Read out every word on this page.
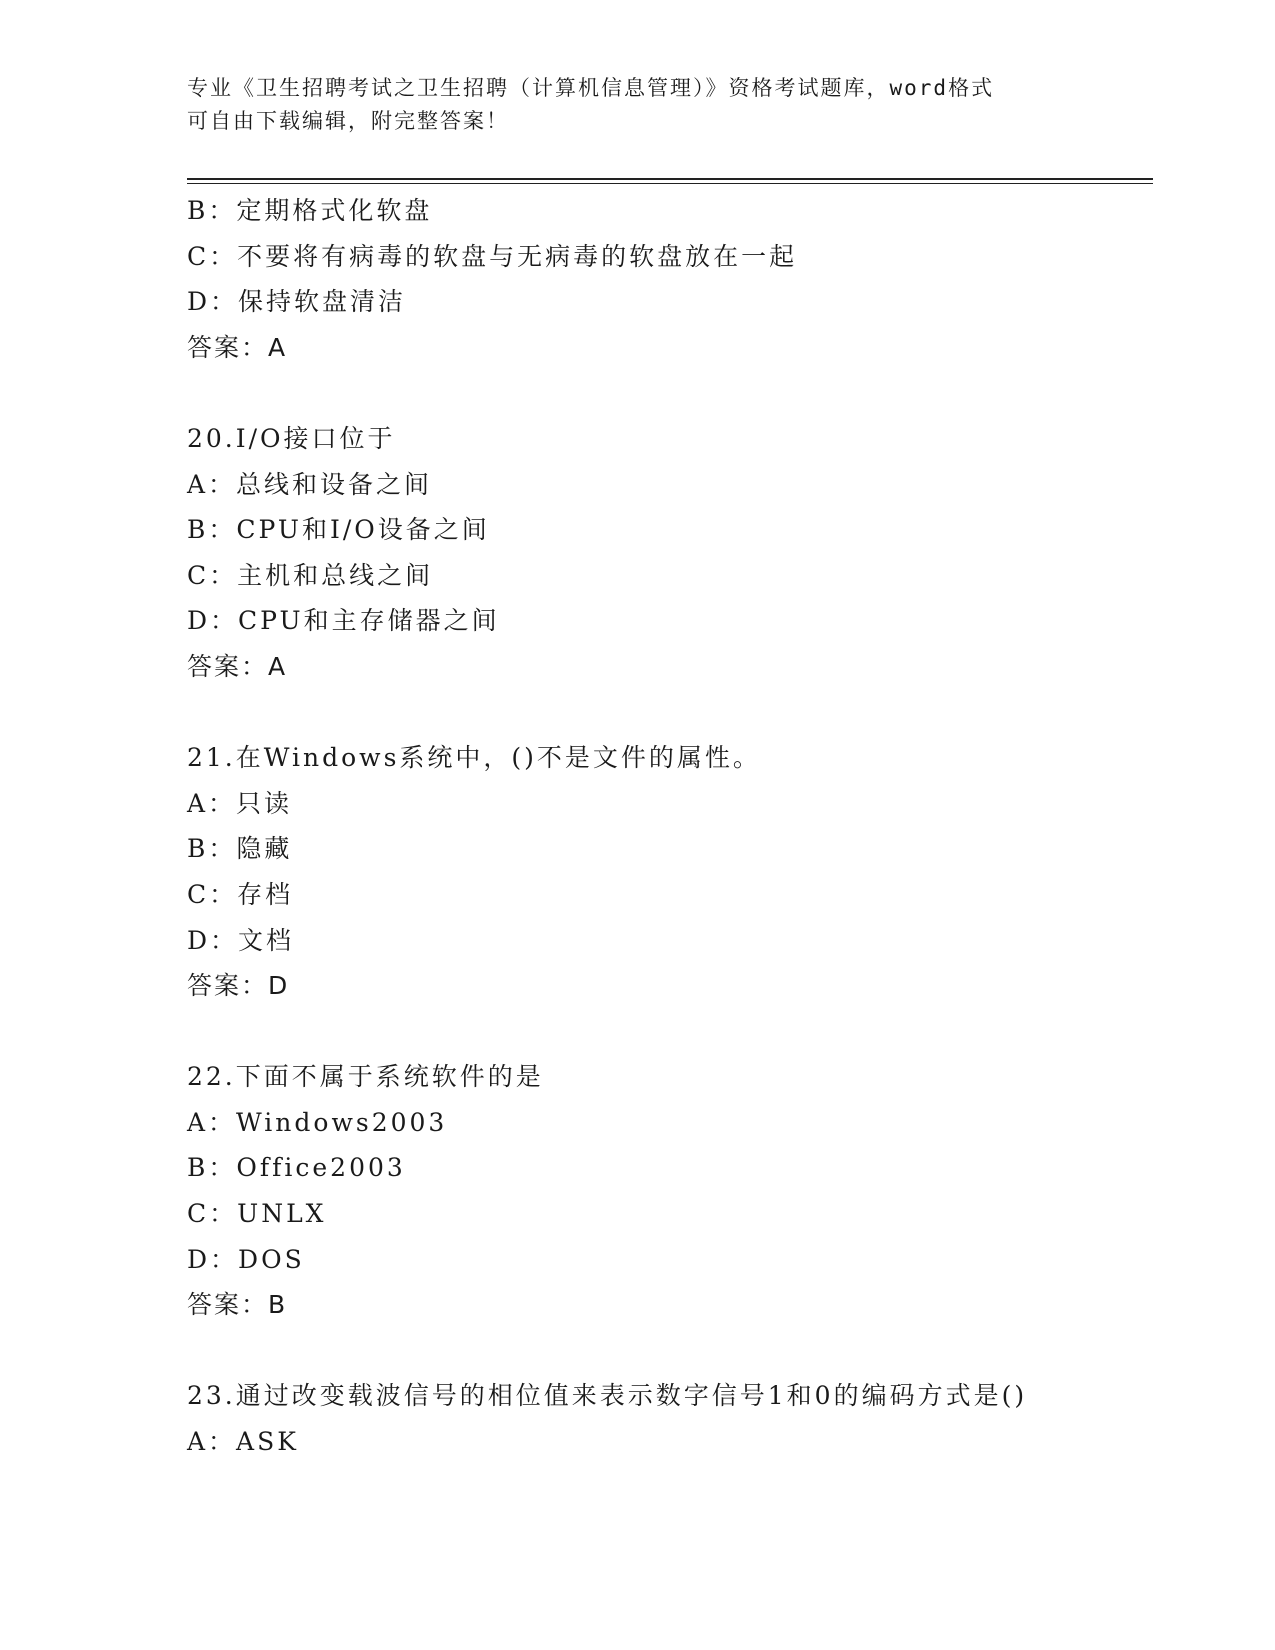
专业《卫生招聘考试之卫生招聘（计算机信息管理）》资格考试题库，word格式
可自由下载编辑，附完整答案！
B：定期格式化软盘
C：不要将有病毒的软盘与无病毒的软盘放在一起
D：保持软盘清洁
答案：A
20.I/O接口位于
A：总线和设备之间
B：CPU和I/O设备之间
C：主机和总线之间
D：CPU和主存储器之间
答案：A
21.在Windows系统中，()不是文件的属性。
A：只读
B：隐藏
C：存档
D：文档
答案：D
22.下面不属于系统软件的是
A：Windows2003
B：Office2003
C：UNLX
D：DOS
答案：B
23.通过改变载波信号的相位值来表示数字信号1和0的编码方式是()
A：ASK
